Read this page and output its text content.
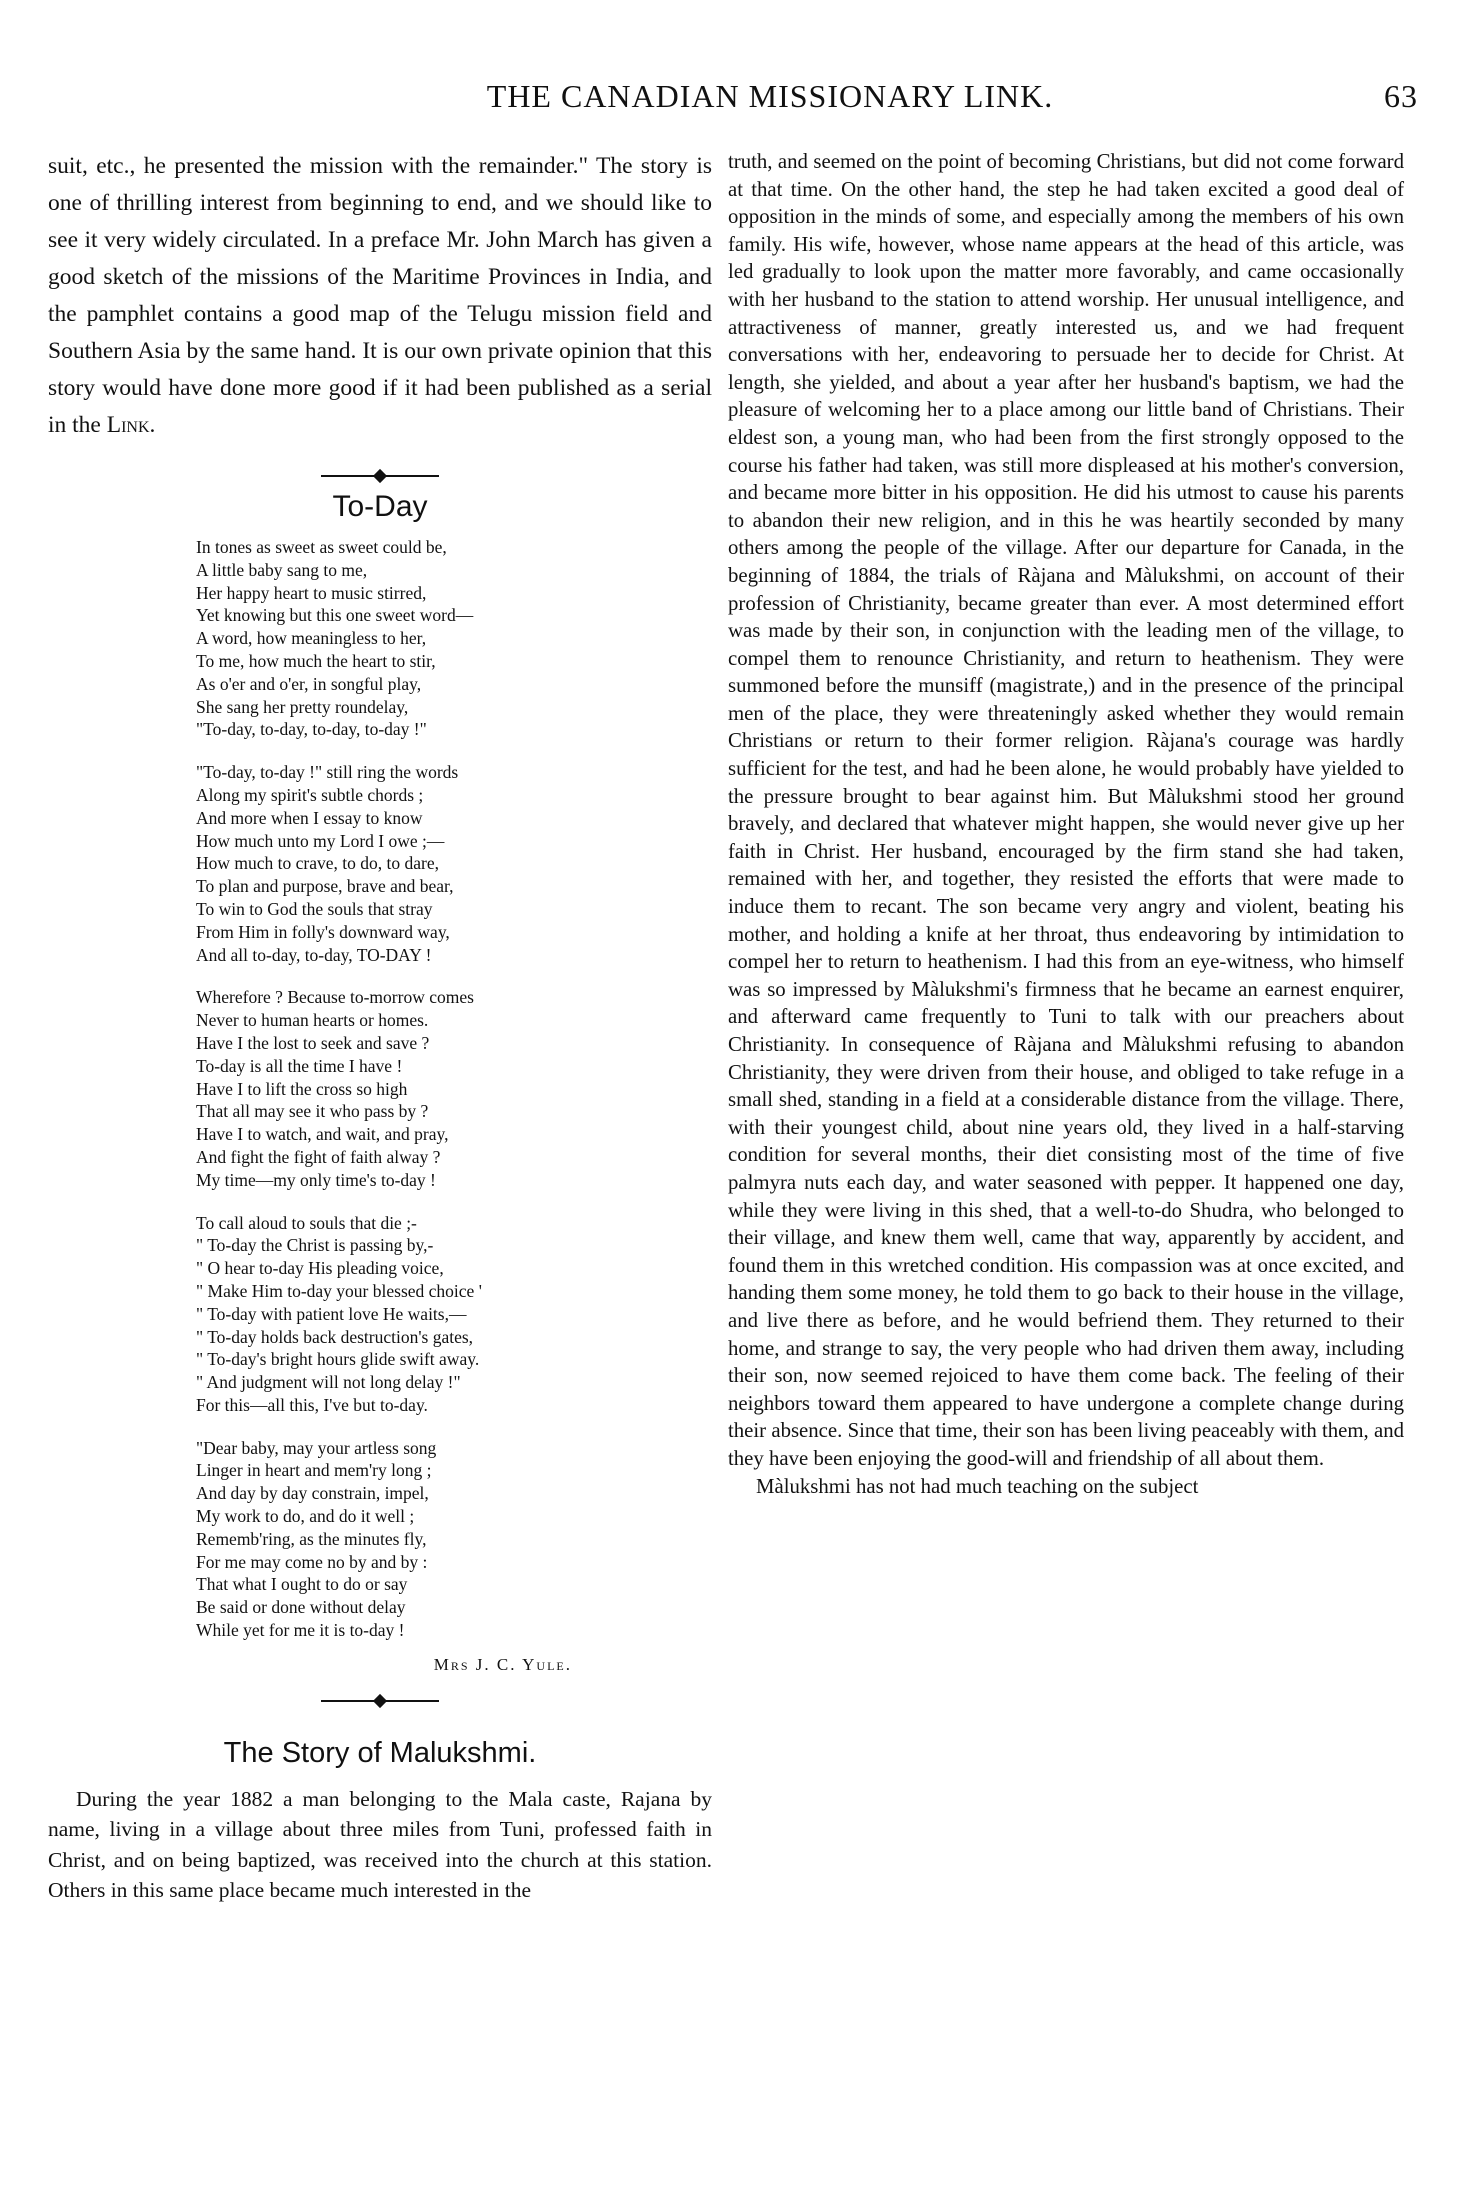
THE CANADIAN MISSIONARY LINK.	63

suit, etc., he presented the mission with the remainder." The story is one of thrilling interest from beginning to end, and we should like to see it very widely circulated. In a preface Mr. John March has given a good sketch of the missions of the Maritime Provinces in India, and the pamphlet contains a good map of the Telugu mission field and Southern Asia by the same hand. It is our own private opinion that this story would have done more good if it had been published as a serial in the Link.

To-Day
In tones as sweet as sweet could be,
A little baby sang to me,
Her happy heart to music stirred,
Yet knowing but this one sweet word—
A word, how meaningless to her,
To me, how much the heart to stir,
As o'er and o'er, in songful play,
She sang her pretty roundelay,
"To-day, to-day, to-day, to-day !"
"To-day, to-day !" still ring the words
Along my spirit's subtle chords ;
And more when I essay to know
How much unto my Lord I owe ;—
How much to crave, to do, to dare,
To plan and purpose, brave and bear,
To win to God the souls that stray
From Him in folly's downward way,
And all to-day, to-day, TO-DAY !
Wherefore ? Because to-morrow comes
Never to human hearts or homes.
Have I the lost to seek and save ?
To-day is all the time I have !
Have I to lift the cross so high
That all may see it who pass by ?
Have I to watch, and wait, and pray,
And fight the fight of faith alway ?
My time—my only time's to-day !
To call aloud to souls that die ;-
" To-day the Christ is passing by,-
" O hear to-day His pleading voice,
" Make Him to-day your blessed choice '
" To-day with patient love He waits,—
" To-day holds back destruction's gates,
" To-day's bright hours glide swift away.
" And judgment will not long delay !"
For this—all this, I've but to-day.
"Dear baby, may your artless song
Linger in heart and mem'ry long ;
And day by day constrain, impel,
My work to do, and do it well ;
Rememb'ring, as the minutes fly,
For me may come no by and by :
That what I ought to do or say
Be said or done without delay
While yet for me it is to-day !
Mrs J. C. Yule.
The Story of Malukshmi.

During the year 1882 a man belonging to the Mala caste, Rajana by name, living in a village about three miles from Tuni, professed faith in Christ, and on being baptized, was received into the church at this station. Others in this same place became much interested in the

truth, and seemed on the point of becoming Christians, but did not come forward at that time. On the other hand, the step he had taken excited a good deal of opposition in the minds of some, and especially among the members of his own family. His wife, however, whose name appears at the head of this article, was led gradually to look upon the matter more favorably, and came occasionally with her husband to the station to attend worship. Her unusual intelligence, and attractiveness of manner, greatly interested us, and we had frequent conversations with her, endeavoring to persuade her to decide for Christ. At length, she yielded, and about a year after her husband's baptism, we had the pleasure of welcoming her to a place among our little band of Christians. Their eldest son, a young man, who had been from the first strongly opposed to the course his father had taken, was still more displeased at his mother's conversion, and became more bitter in his opposition. He did his utmost to cause his parents to abandon their new religion, and in this he was heartily seconded by many others among the people of the village. After our departure for Canada, in the beginning of 1884, the trials of Ràjana and Màlukshmi, on account of their profession of Christianity, became greater than ever. A most determined effort was made by their son, in conjunction with the leading men of the village, to compel them to renounce Christianity, and return to heathenism. They were summoned before the munsiff (magistrate,) and in the presence of the principal men of the place, they were threateningly asked whether they would remain Christians or return to their former religion. Ràjana's courage was hardly sufficient for the test, and had he been alone, he would probably have yielded to the pressure brought to bear against him. But Màlukshmi stood her ground bravely, and declared that whatever might happen, she would never give up her faith in Christ. Her husband, encouraged by the firm stand she had taken, remained with her, and together, they resisted the efforts that were made to induce them to recant. The son became very angry and violent, beating his mother, and holding a knife at her throat, thus endeavoring by intimidation to compel her to return to heathenism. I had this from an eye-witness, who himself was so impressed by Màlukshmi's firmness that he became an earnest enquirer, and afterward came frequently to Tuni to talk with our preachers about Christianity. In consequence of Ràjana and Màlukshmi refusing to abandon Christianity, they were driven from their house, and obliged to take refuge in a small shed, standing in a field at a considerable distance from the village. There, with their youngest child, about nine years old, they lived in a half-starving condition for several months, their diet consisting most of the time of five palmyra nuts each day, and water seasoned with pepper. It happened one day, while they were living in this shed, that a well-to-do Shudra, who belonged to their village, and knew them well, came that way, apparently by accident, and found them in this wretched condition. His compassion was at once excited, and handing them some money, he told them to go back to their house in the village, and live there as before, and he would befriend them. They returned to their home, and strange to say, the very people who had driven them away, including their son, now seemed rejoiced to have them come back. The feeling of their neighbors toward them appeared to have undergone a complete change during their absence. Since that time, their son has been living peaceably with them, and they have been enjoying the good-will and friendship of all about them.

Màlukshmi has not had much teaching on the subject
